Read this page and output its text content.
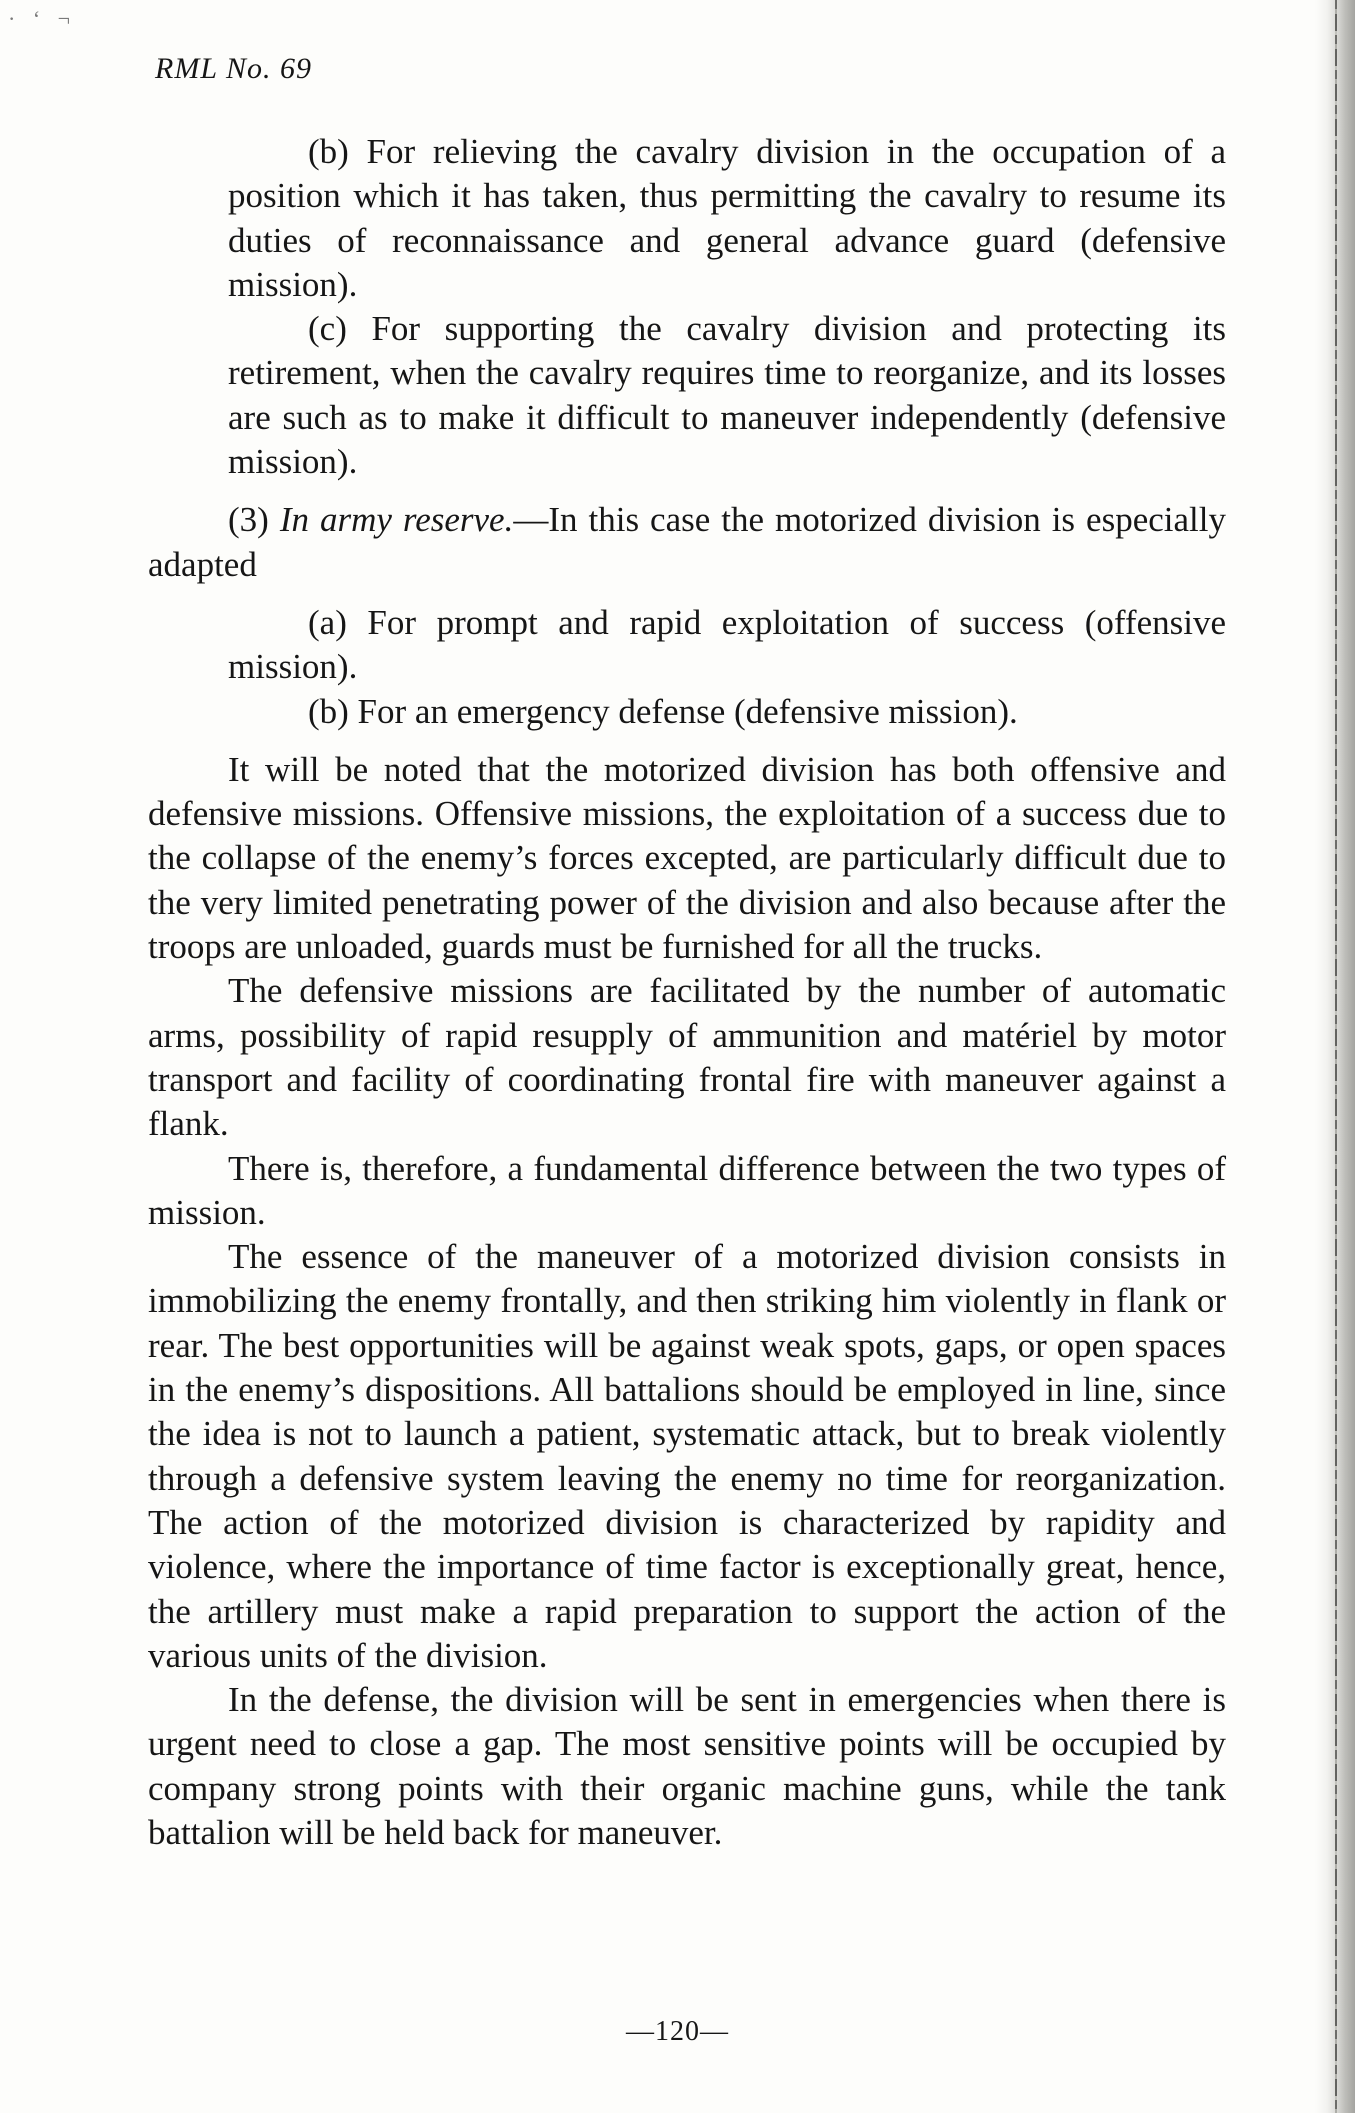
· ʻ ¬
RML No. 69

(b) For relieving the cavalry division in the occupation of a position which it has taken, thus permitting the cavalry to resume its duties of reconnaissance and general advance guard (defensive mission).

(c) For supporting the cavalry division and protecting its retirement, when the cavalry requires time to reorganize, and its losses are such as to make it difficult to maneuver independently (defensive mission).

(3) In army reserve.—In this case the motorized division is especially adapted

(a) For prompt and rapid exploitation of success (offensive mission).

(b) For an emergency defense (defensive mission).

It will be noted that the motorized division has both offensive and defensive missions. Offensive missions, the exploitation of a success due to the collapse of the enemy’s forces excepted, are particularly difficult due to the very limited penetrating power of the division and also because after the troops are unloaded, guards must be furnished for all the trucks.

The defensive missions are facilitated by the number of automatic arms, possibility of rapid resupply of ammunition and matériel by motor transport and facility of coordinating frontal fire with maneuver against a flank.

There is, therefore, a fundamental difference between the two types of mission.

The essence of the maneuver of a motorized division consists in immobilizing the enemy frontally, and then striking him violently in flank or rear. The best opportunities will be against weak spots, gaps, or open spaces in the enemy’s dispositions. All battalions should be employed in line, since the idea is not to launch a patient, systematic attack, but to break violently through a defensive system leaving the enemy no time for reorganization. The action of the motorized division is characterized by rapidity and violence, where the importance of time factor is exceptionally great, hence, the artillery must make a rapid preparation to support the action of the various units of the division.

In the defense, the division will be sent in emergencies when there is urgent need to close a gap. The most sensitive points will be occupied by company strong points with their organic machine guns, while the tank battalion will be held back for maneuver.

—120—
